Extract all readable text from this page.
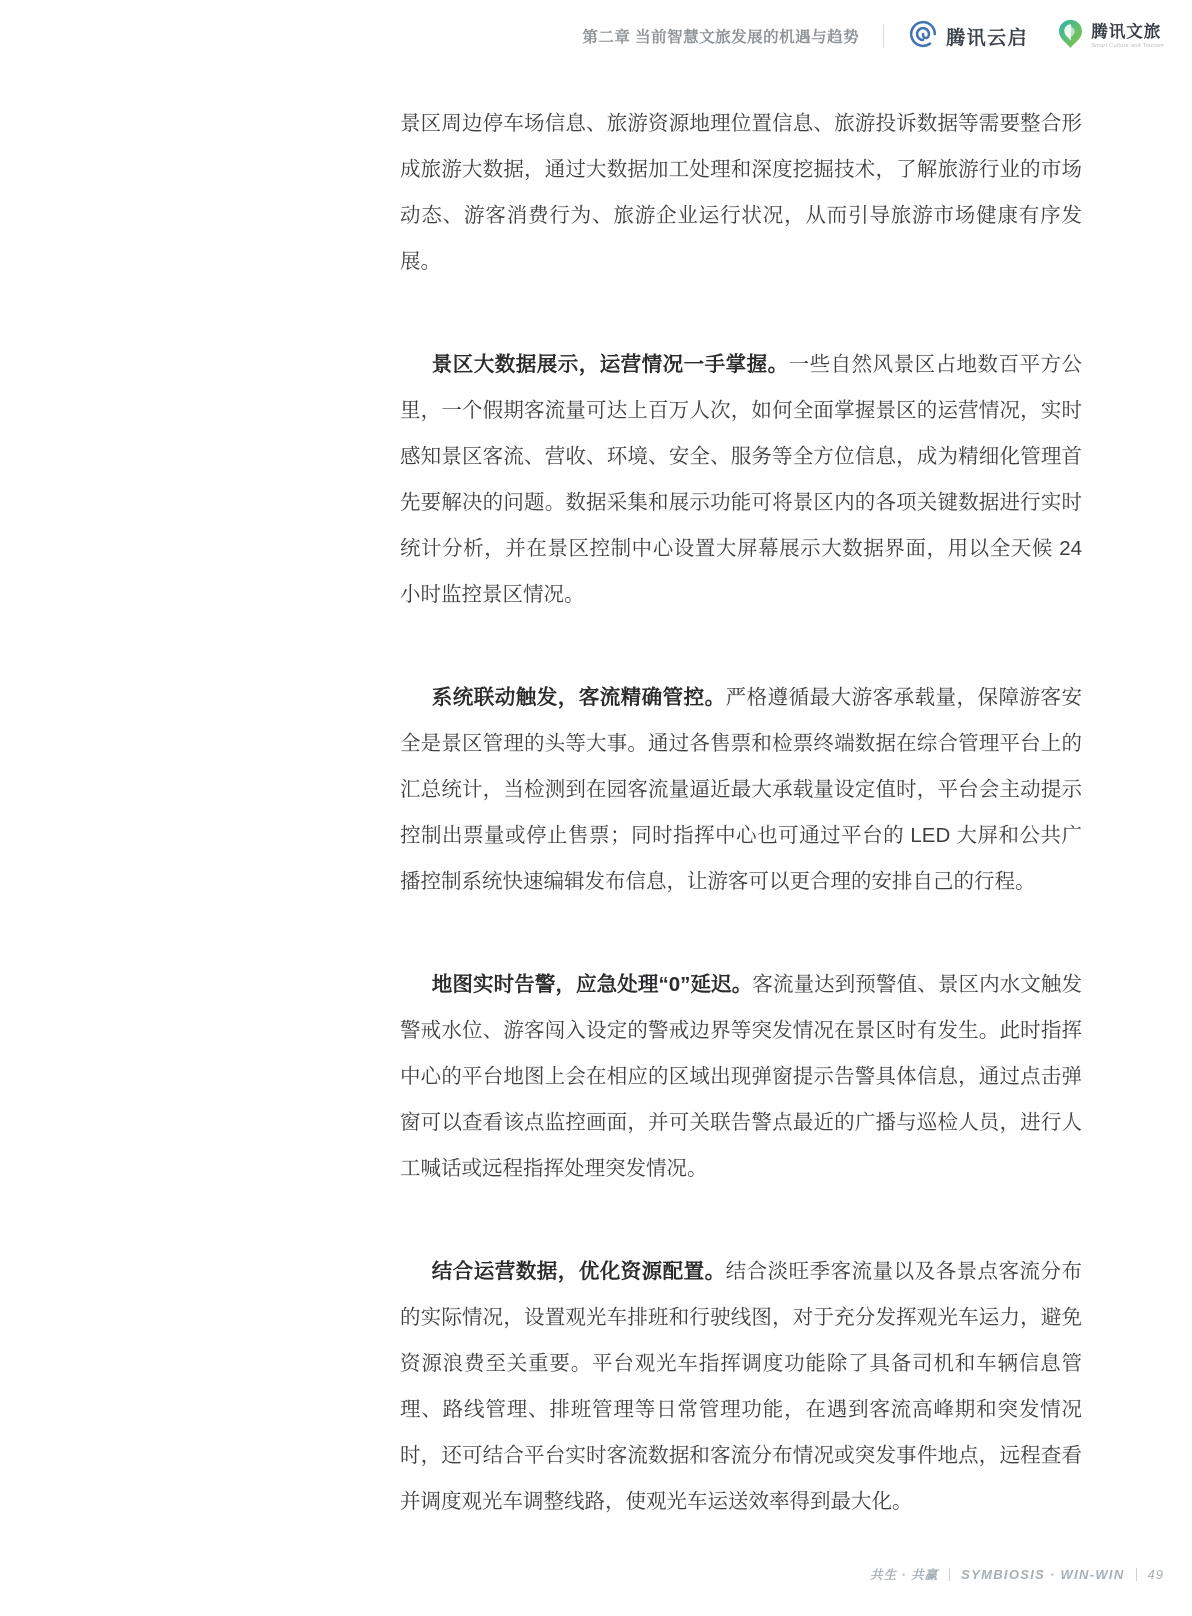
第二章 当前智慧文旅发展的机遇与趋势	腾讯云启	腾讯文旅
Smart Culture and Tourism

景区周边停车场信息、旅游资源地理位置信息、旅游投诉数据等需要整合形成旅游大数据，通过大数据加工处理和深度挖掘技术，了解旅游行业的市场动态、游客消费行为、旅游企业运行状况，从而引导旅游市场健康有序发展。

景区大数据展示，运营情况一手掌握。一些自然风景区占地数百平方公里，一个假期客流量可达上百万人次，如何全面掌握景区的运营情况，实时感知景区客流、营收、环境、安全、服务等全方位信息，成为精细化管理首先要解决的问题。数据采集和展示功能可将景区内的各项关键数据进行实时统计分析，并在景区控制中心设置大屏幕展示大数据界面，用以全天候 24 小时监控景区情况。

系统联动触发，客流精确管控。严格遵循最大游客承载量，保障游客安全是景区管理的头等大事。通过各售票和检票终端数据在综合管理平台上的汇总统计，当检测到在园客流量逼近最大承载量设定值时，平台会主动提示控制出票量或停止售票；同时指挥中心也可通过平台的 LED 大屏和公共广播控制系统快速编辑发布信息，让游客可以更合理的安排自己的行程。

地图实时告警，应急处理“0”延迟。客流量达到预警值、景区内水文触发警戒水位、游客闯入设定的警戒边界等突发情况在景区时有发生。此时指挥中心的平台地图上会在相应的区域出现弹窗提示告警具体信息，通过点击弹窗可以查看该点监控画面，并可关联告警点最近的广播与巡检人员，进行人工喊话或远程指挥处理突发情况。

结合运营数据，优化资源配置。结合淡旺季客流量以及各景点客流分布的实际情况，设置观光车排班和行驶线图，对于充分发挥观光车运力，避免资源浪费至关重要。平台观光车指挥调度功能除了具备司机和车辆信息管理、路线管理、排班管理等日常管理功能，在遇到客流高峰期和突发情况时，还可结合平台实时客流数据和客流分布情况或突发事件地点，远程查看并调度观光车调整线路，使观光车运送效率得到最大化。

共生 · 共赢 SYMBIOSIS · WIN-WIN 49
